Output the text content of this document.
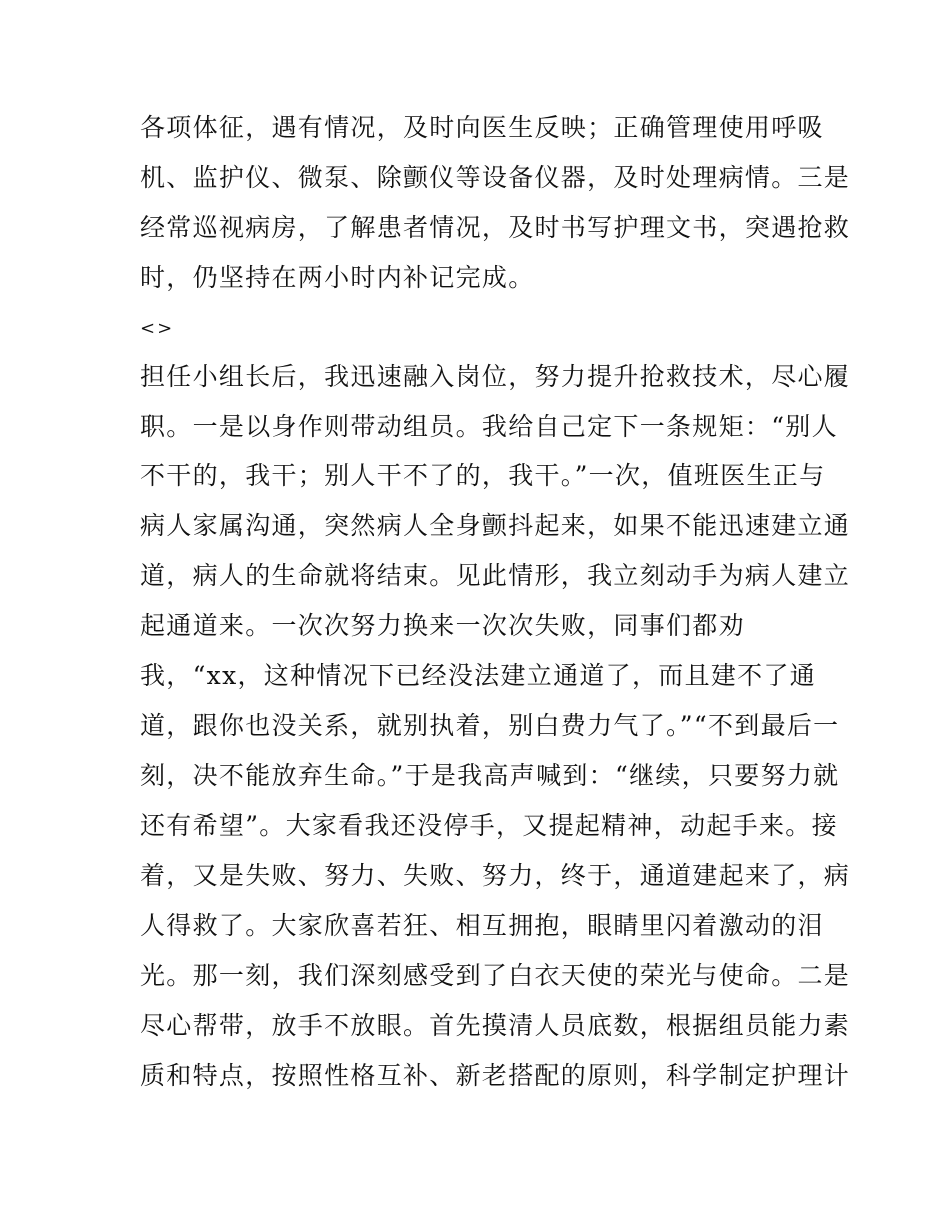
各项体征，遇有情况，及时向医生反映；正确管理使用呼吸
机、监护仪、微泵、除颤仪等设备仪器，及时处理病情。三是
经常巡视病房，了解患者情况，及时书写护理文书，突遇抢救
时，仍坚持在两小时内补记完成。
<>
担任小组长后，我迅速融入岗位，努力提升抢救技术，尽心履
职。一是以身作则带动组员。我给自己定下一条规矩：“别人
不干的，我干；别人干不了的，我干。”一次，值班医生正与
病人家属沟通，突然病人全身颤抖起来，如果不能迅速建立通
道，病人的生命就将结束。见此情形，我立刻动手为病人建立
起通道来。一次次努力换来一次次失败，同事们都劝
我，“xx，这种情况下已经没法建立通道了，而且建不了通
道，跟你也没关系，就别执着，别白费力气了。”“不到最后一
刻，决不能放弃生命。”于是我高声喊到：“继续，只要努力就
还有希望”。大家看我还没停手，又提起精神，动起手来。接
着，又是失败、努力、失败、努力，终于，通道建起来了，病
人得救了。大家欣喜若狂、相互拥抱，眼睛里闪着激动的泪
光。那一刻，我们深刻感受到了白衣天使的荣光与使命。二是
尽心帮带，放手不放眼。首先摸清人员底数，根据组员能力素
质和特点，按照性格互补、新老搭配的原则，科学制定护理计
